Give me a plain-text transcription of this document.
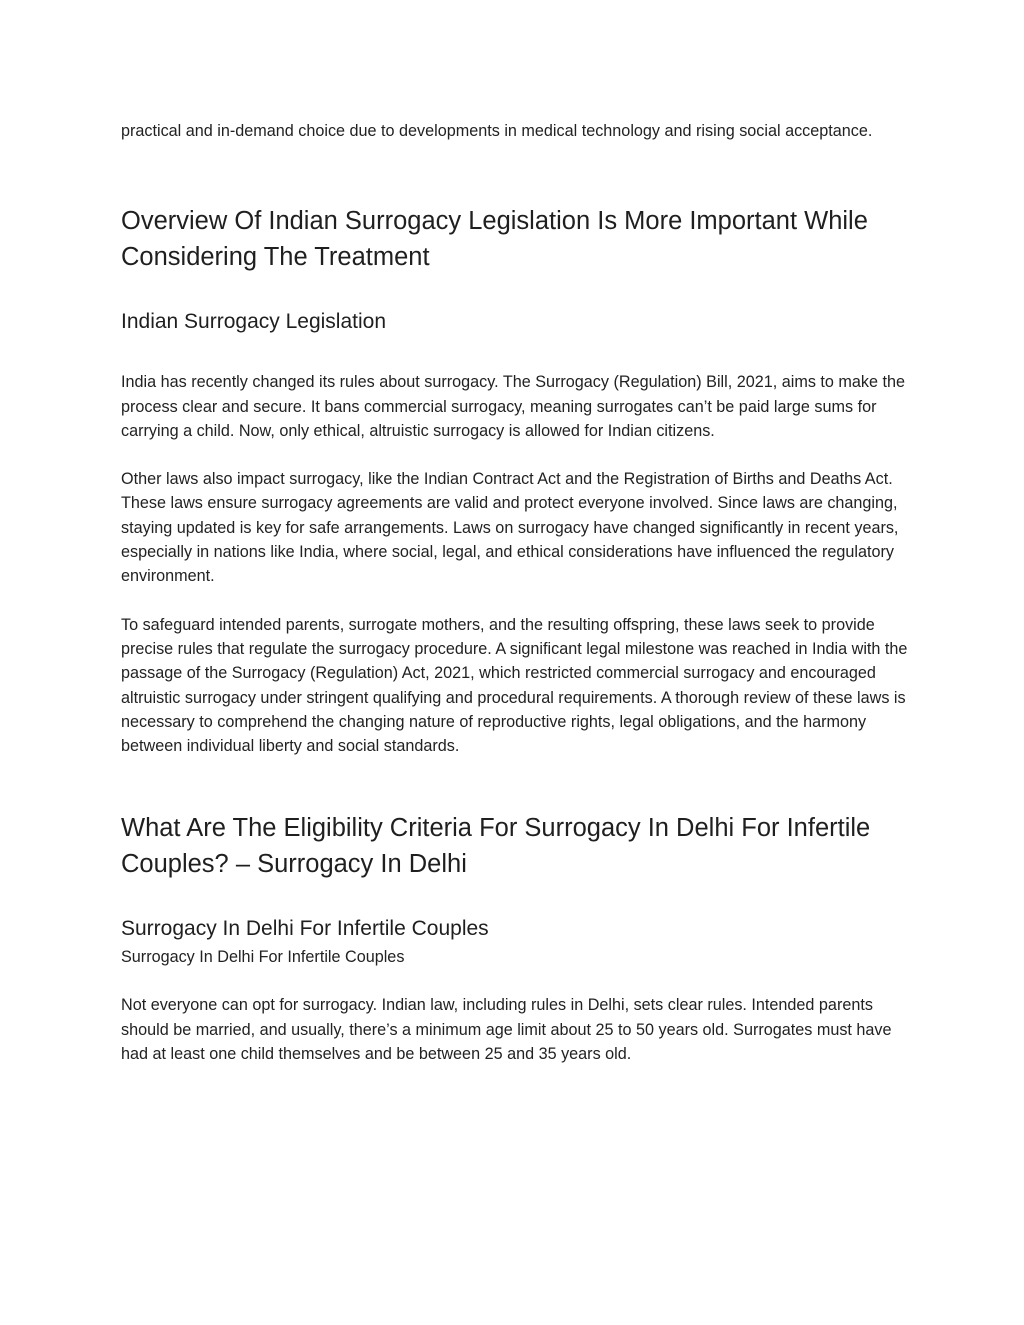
practical and in-demand choice due to developments in medical technology and rising social acceptance.

Overview Of Indian Surrogacy Legislation Is More Important While Considering The Treatment
Indian Surrogacy Legislation

India has recently changed its rules about surrogacy. The Surrogacy (Regulation) Bill, 2021, aims to make the process clear and secure. It bans commercial surrogacy, meaning surrogates can’t be paid large sums for carrying a child. Now, only ethical, altruistic surrogacy is allowed for Indian citizens.

Other laws also impact surrogacy, like the Indian Contract Act and the Registration of Births and Deaths Act. These laws ensure surrogacy agreements are valid and protect everyone involved. Since laws are changing, staying updated is key for safe arrangements. Laws on surrogacy have changed significantly in recent years, especially in nations like India, where social, legal, and ethical considerations have influenced the regulatory environment.

To safeguard intended parents, surrogate mothers, and the resulting offspring, these laws seek to provide precise rules that regulate the surrogacy procedure. A significant legal milestone was reached in India with the passage of the Surrogacy (Regulation) Act, 2021, which restricted commercial surrogacy and encouraged altruistic surrogacy under stringent qualifying and procedural requirements. A thorough review of these laws is necessary to comprehend the changing nature of reproductive rights, legal obligations, and the harmony between individual liberty and social standards.

What Are The Eligibility Criteria For Surrogacy In Delhi For Infertile Couples? – Surrogacy In Delhi
Surrogacy In Delhi For Infertile Couples

Surrogacy In Delhi For Infertile Couples

Not everyone can opt for surrogacy. Indian law, including rules in Delhi, sets clear rules. Intended parents should be married, and usually, there’s a minimum age limit about 25 to 50 years old. Surrogates must have had at least one child themselves and be between 25 and 35 years old.
